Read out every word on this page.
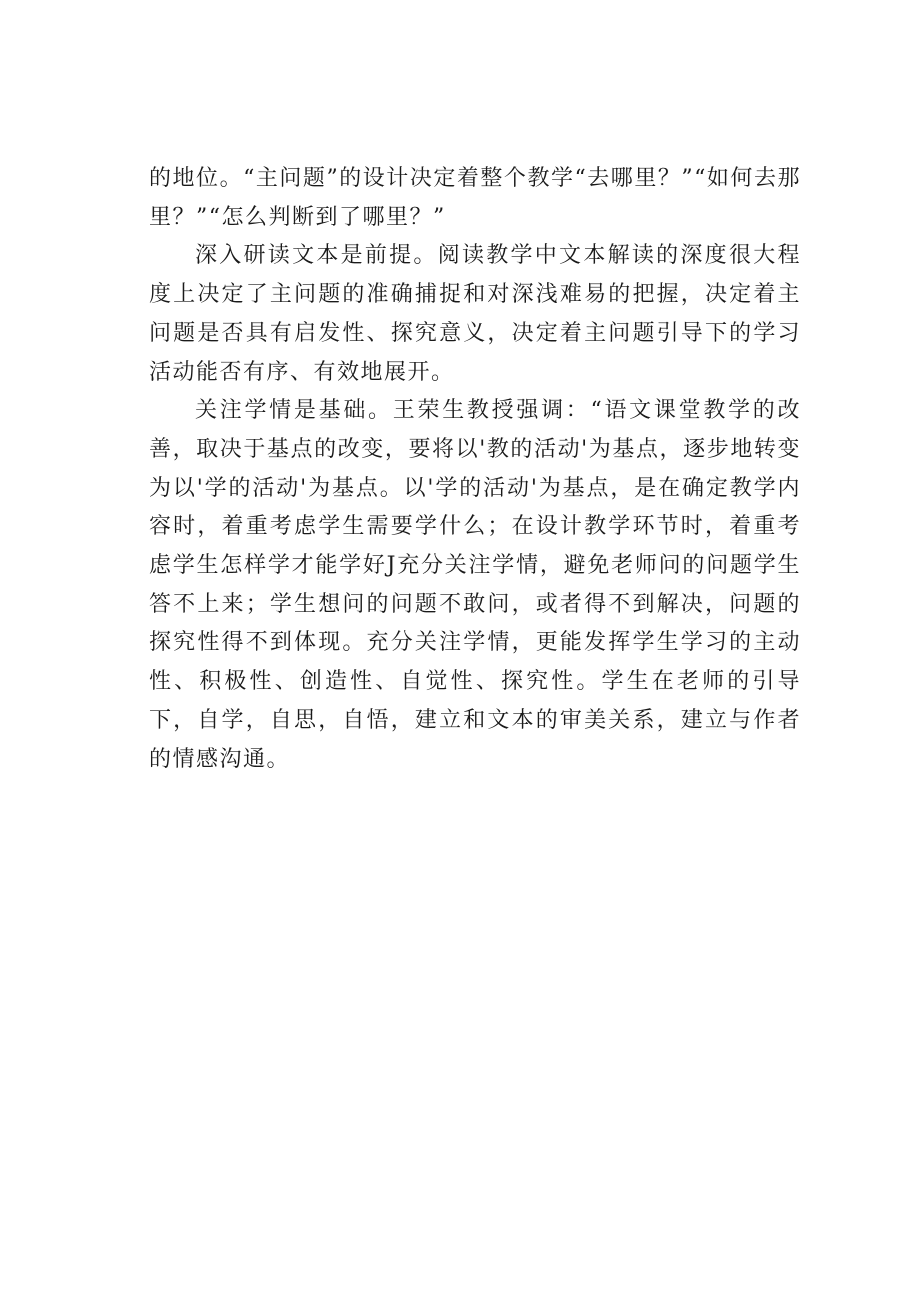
的地位。“主问题”的设计决定着整个教学“去哪里？”“如何去那里？”“怎么判断到了哪里？”

深入研读文本是前提。阅读教学中文本解读的深度很大程度上决定了主问题的准确捕捉和对深浅难易的把握，决定着主问题是否具有启发性、探究意义，决定着主问题引导下的学习活动能否有序、有效地展开。

关注学情是基础。王荣生教授强调：“语文课堂教学的改善，取决于基点的改变，要将以'教的活动'为基点，逐步地转变为以'学的活动'为基点。以'学的活动'为基点，是在确定教学内容时，着重考虑学生需要学什么；在设计教学环节时，着重考虑学生怎样学才能学好J充分关注学情，避免老师问的问题学生答不上来；学生想问的问题不敢问，或者得不到解决，问题的探究性得不到体现。充分关注学情，更能发挥学生学习的主动性、积极性、创造性、自觉性、探究性。学生在老师的引导下，自学，自思，自悟，建立和文本的审美关系，建立与作者的情感沟通。
